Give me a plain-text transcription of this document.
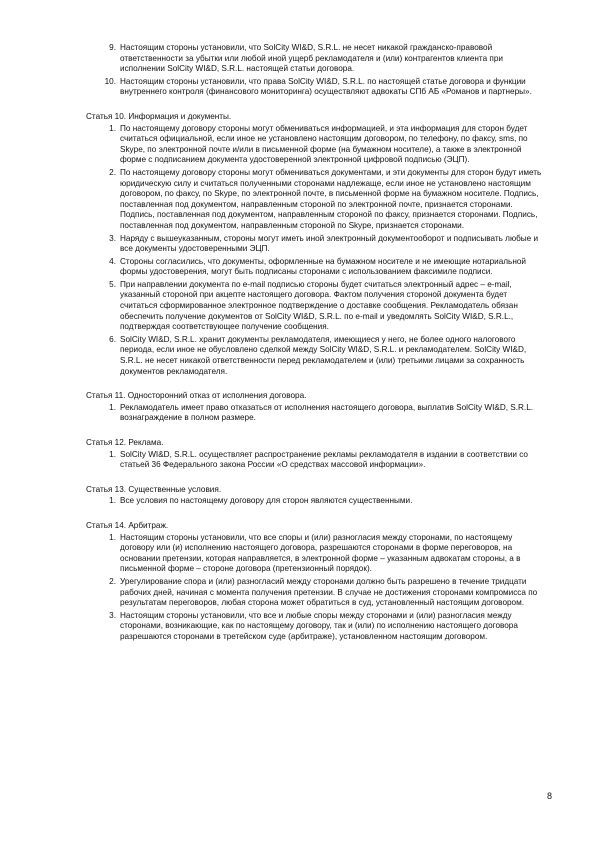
9. Настоящим стороны установили, что SolCity WI&D, S.R.L. не несет никакой гражданско-правовой ответственности за убытки или любой иной ущерб рекламодателя и (или) контрагентов клиента при исполнении SolCity WI&D, S.R.L. настоящей статьи договора.
10. Настоящим стороны установили, что права SolCity WI&D, S.R.L. по настоящей статье договора и функции внутреннего контроля (финансового мониторинга) осуществляют адвокаты СПб АБ «Романов и партнеры».
Статья 10. Информация и документы.
1. По настоящему договору стороны могут обмениваться информацией, и эта информация для сторон будет считаться официальной, если иное не установлено настоящим договором, по телефону, по факсу, sms, по Skype, по электронной почте и/или в письменной форме (на бумажном носителе), а также в электронной форме с подписанием документа удостоверенной электронной цифровой подписью (ЭЦП).
2. По настоящему договору стороны могут обмениваться документами, и эти документы для сторон будут иметь юридическую силу и считаться полученными сторонами надлежаще, если иное не установлено настоящим договором, по факсу, по Skype, по электронной почте, в письменной форме на бумажном носителе. Подпись, поставленная под документом, направленным стороной по электронной почте, признается сторонами. Подпись, поставленная под документом, направленным стороной по факсу, признается сторонами. Подпись, поставленная под документом, направленным стороной по Skype, признается сторонами.
3. Наряду с вышеуказанным, стороны могут иметь иной электронный документооборот и подписывать любые и все документы удостоверенными ЭЦП.
4. Стороны согласились, что документы, оформленные на бумажном носителе и не имеющие нотариальной формы удостоверения, могут быть подписаны сторонами с использованием факсимиле подписи.
5. При направлении документа по e-mail подписью стороны будет считаться электронный адрес – e-mail, указанный стороной при акцепте настоящего договора. Фактом получения стороной документа будет считаться сформированное электронное подтверждение о доставке сообщения. Рекламодатель обязан обеспечить получение документов от SolCity WI&D, S.R.L. по e-mail и уведомлять SolCity WI&D, S.R.L., подтверждая соответствующее получение сообщения.
6. SolCity WI&D, S.R.L. хранит документы рекламодателя, имеющиеся у него, не более одного налогового периода, если иное не обусловлено сделкой между SolCity WI&D, S.R.L. и рекламодателем. SolCity WI&D, S.R.L. не несет никакой ответственности перед рекламодателем и (или) третьими лицами за сохранность документов рекламодателя.
Статья 11. Односторонний отказ от исполнения договора.
1. Рекламодатель имеет право отказаться от исполнения настоящего договора, выплатив SolCity WI&D, S.R.L. вознаграждение в полном размере.
Статья 12. Реклама.
1. SolCity WI&D, S.R.L. осуществляет распространение рекламы рекламодателя в издании в соответствии со статьей 36 Федерального закона России «О средствах массовой информации».
Статья 13. Существенные условия.
1. Все условия по настоящему договору для сторон являются существенными.
Статья 14. Арбитраж.
1. Настоящим стороны установили, что все споры и (или) разногласия между сторонами, по настоящему договору или (и) исполнению настоящего договора, разрешаются сторонами в форме переговоров, на основании претензии, которая направляется, в электронной форме – указанным адвокатам стороны, а в письменной форме – стороне договора (претензионный порядок).
2. Урегулирование спора и (или) разногласий между сторонами должно быть разрешено в течение тридцати рабочих дней, начиная с момента получения претензии. В случае не достижения сторонами компромисса по результатам переговоров, любая сторона может обратиться в суд, установленный настоящим договором.
3. Настоящим стороны установили, что все и любые споры между сторонами и (или) разногласия между сторонами, возникающие, как по настоящему договору, так и (или) по исполнению настоящего договора разрешаются сторонами в третейском суде (арбитраже), установленном настоящим договором.
8
